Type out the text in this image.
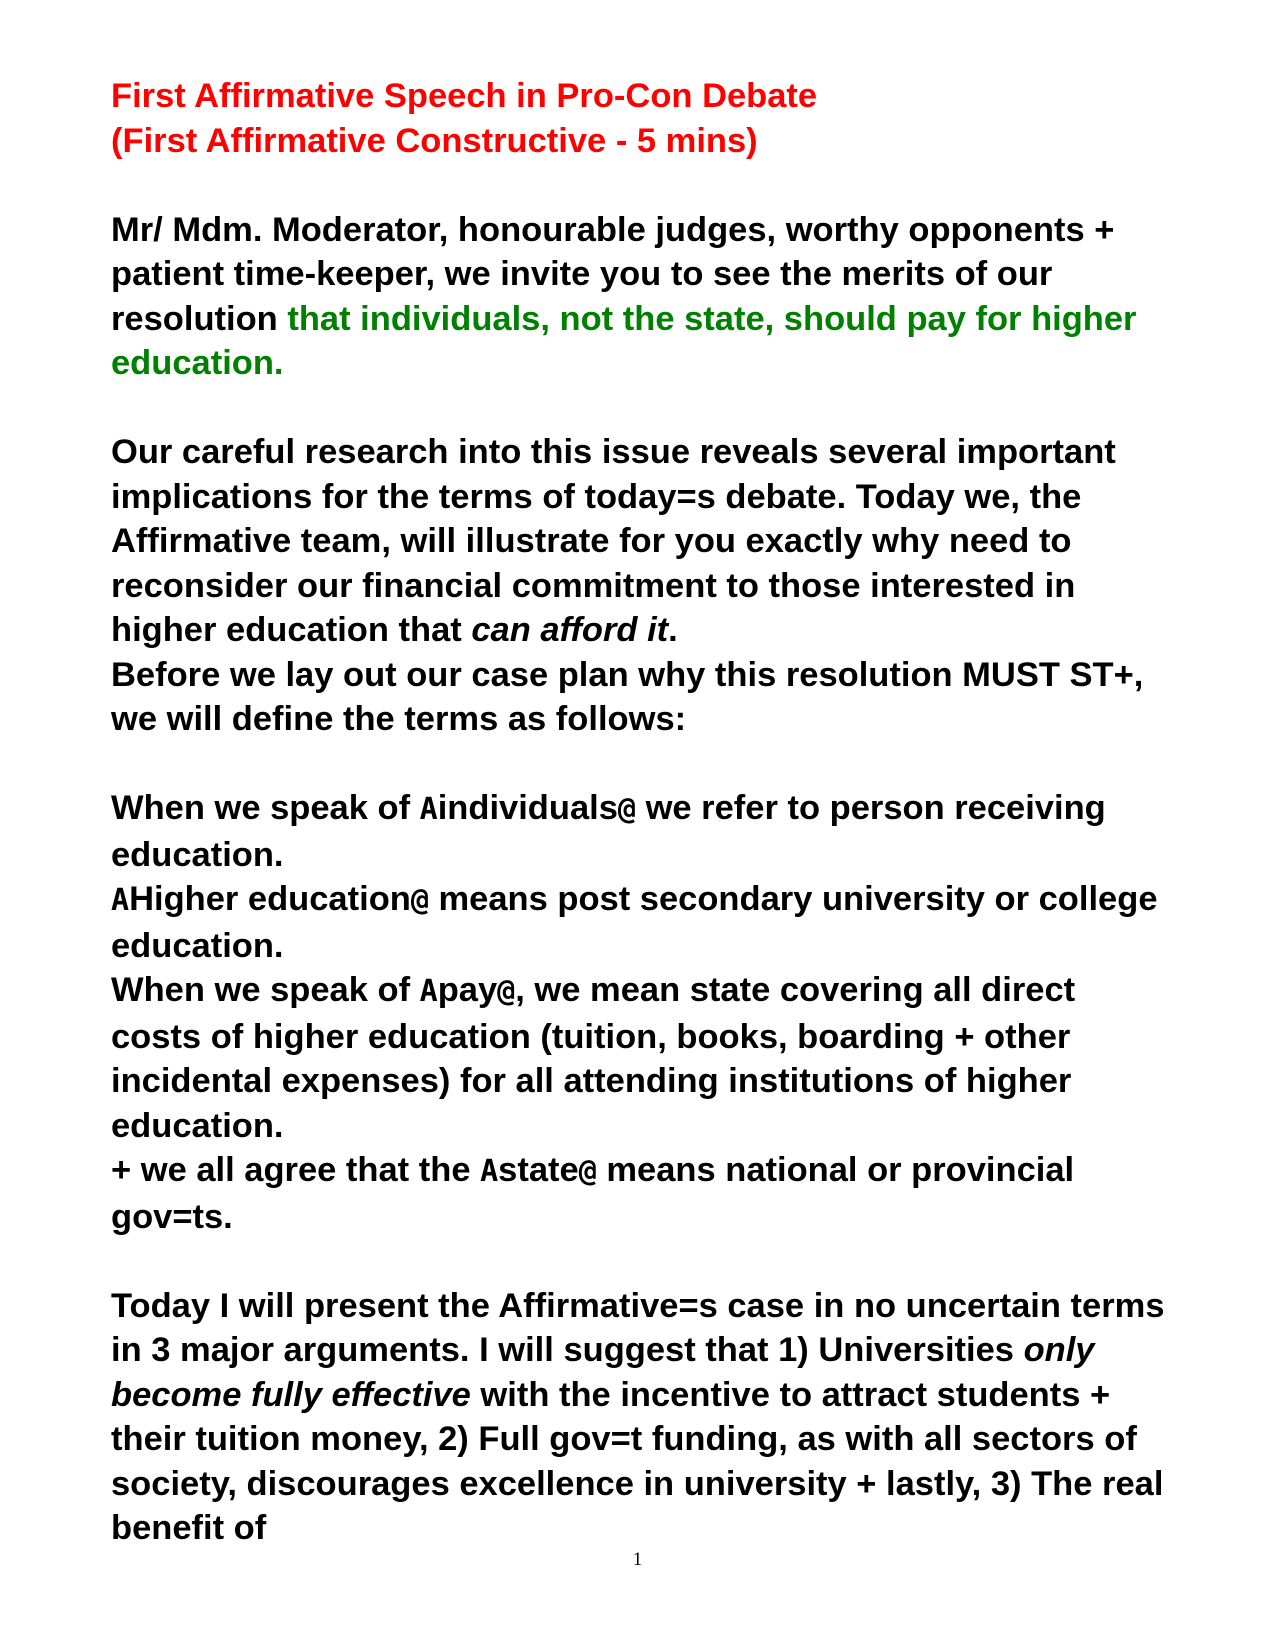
First Affirmative Speech in Pro-Con Debate
(First Affirmative Constructive - 5 mins)

Mr/ Mdm. Moderator, honourable judges, worthy opponents + patient time-keeper, we invite you to see the merits of our resolution that individuals, not the state, should pay for higher education.

Our careful research into this issue reveals several important implications for the terms of today=s debate. Today we, the Affirmative team, will illustrate for you exactly why need to reconsider our financial commitment to those interested in higher education that can afford it.

Before we lay out our case plan why this resolution MUST ST+, we will define the terms as follows:

When we speak of Aindividuals@ we refer to person receiving education.

AHigher education@ means post secondary university or college education.

When we speak of Apay@, we mean state covering all direct costs of higher education (tuition, books, boarding + other incidental expenses) for all attending institutions of higher education.

+ we all agree that the Astate@ means national or provincial gov=ts.

Today I will present the Affirmative=s case in no uncertain terms in 3 major arguments. I will suggest that 1) Universities only become fully effective with the incentive to attract students + their tuition money, 2) Full gov=t funding, as with all sectors of society, discourages excellence in university + lastly, 3) The real benefit of

1
